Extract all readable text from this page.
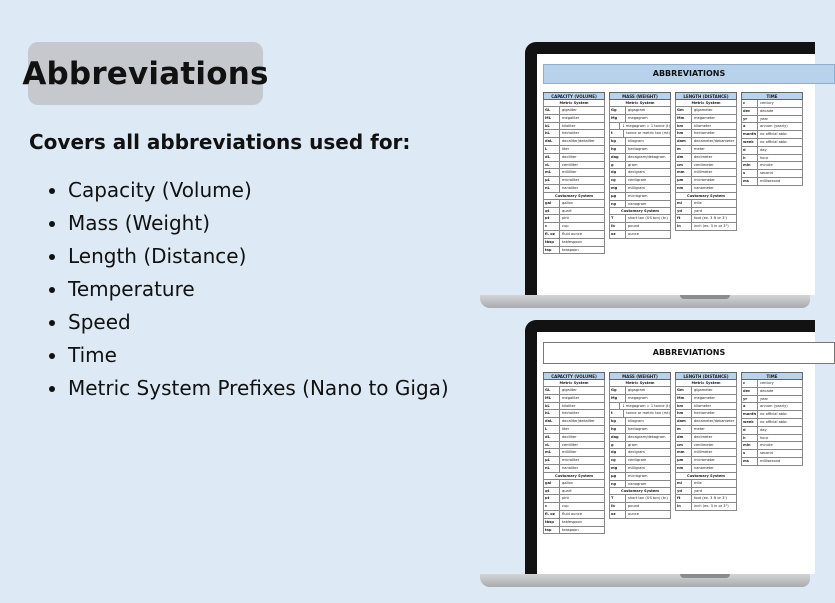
Abbreviations
Covers all abbreviations used for:
• Capacity (Volume)
• Mass (Weight)
• Length (Distance)
• Temperature
• Speed
• Time
• Metric System Prefixes (Nano to Giga)
ABBREVIATIONS
CAPACITY (VOLUME)
Metric System
GL	gigaliter
ML	megaliter
kL	kiloliter
hL	hectoliter
daL	decaliter/dekaliter
L	liter
dL	deciliter
cL	centiliter
mL	milliliter
µL	microliter
nL	nanoliter
Customary System
gal	gallon
qt	quart
pt	pint
c	cup
fl. oz	fluid ounce
tbsp	tablespoon
tsp	teaspoon
MASS (WEIGHT)
Metric System
Gg	gigagram
Mg	megagram
1 megagram = 1 tonne (t)
t	tonne or metric ton (mt)
kg	kilogram
hg	hectogram
dag	decagram/dekagram
g	gram
dg	decigram
cg	centigram
mg	milligram
µg	microgram
ng	nanogram
Customary System
T	short ton (US ton) (tn)
lb	pound
oz	ounce
LENGTH (DISTANCE)
Metric System
Gm	gigameter
Mm	megameter
km	kilometer
hm	hectometer
dam	decameter/dekameter
m	meter
dm	decimeter
cm	centimeter
mm	millimeter
µm	micrometer
nm	nanometer
Customary System
mi	mile
yd	yard
ft	foot (ex. 3 ft or 3')
in	inch (ex. 3 in or 3")
TIME
c	century
dec	decade
yr	year
a	annum (yearly)
month	no official abbr.
week	no official abbr.
d	day
h	hour
min	minute
s	second
ms	millisecond
ABBREVIATIONS
CAPACITY (VOLUME)
Metric System
GL	gigaliter
ML	megaliter
kL	kiloliter
hL	hectoliter
daL	decaliter/dekaliter
L	liter
dL	deciliter
cL	centiliter
mL	milliliter
µL	microliter
nL	nanoliter
Customary System
gal	gallon
qt	quart
pt	pint
c	cup
fl. oz	fluid ounce
tbsp	tablespoon
tsp	teaspoon
MASS (WEIGHT)
Metric System
Gg	gigagram
Mg	megagram
1 megagram = 1 tonne (t)
t	tonne or metric ton (mt)
kg	kilogram
hg	hectogram
dag	decagram/dekagram
g	gram
dg	decigram
cg	centigram
mg	milligram
µg	microgram
ng	nanogram
Customary System
T	short ton (US ton) (tn)
lb	pound
oz	ounce
LENGTH (DISTANCE)
Metric System
Gm	gigameter
Mm	megameter
km	kilometer
hm	hectometer
dam	decameter/dekameter
m	meter
dm	decimeter
cm	centimeter
mm	millimeter
µm	micrometer
nm	nanometer
Customary System
mi	mile
yd	yard
ft	foot (ex. 3 ft or 3')
in	inch (ex. 3 in or 3")
TIME
c	century
dec	decade
yr	year
a	annum (yearly)
month	no official abbr.
week	no official abbr.
d	day
h	hour
min	minute
s	second
ms	millisecond
